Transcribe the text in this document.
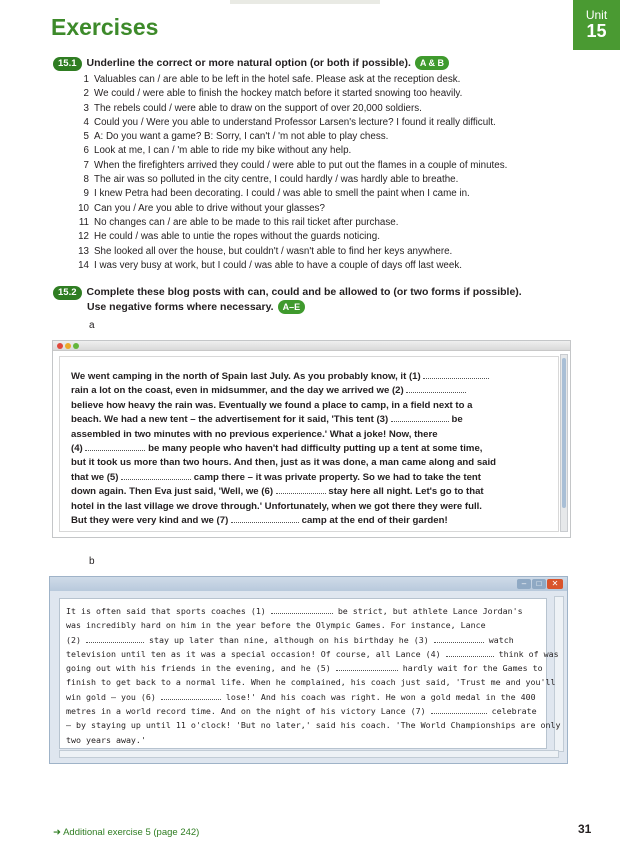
Exercises	Unit
15
15.1 Underline the correct or more natural option (or both if possible). A & B
1 Valuables can / are able to be left in the hotel safe. Please ask at the reception desk.
2 We could / were able to finish the hockey match before it started snowing too heavily.
3 The rebels could / were able to draw on the support of over 20,000 soldiers.
4 Could you / Were you able to understand Professor Larsen's lecture? I found it really difficult.
5 A: Do you want a game? B: Sorry, I can't / 'm not able to play chess.
6 Look at me, I can / 'm able to ride my bike without any help.
7 When the firefighters arrived they could / were able to put out the flames in a couple of minutes.
8 The air was so polluted in the city centre, I could hardly / was hardly able to breathe.
9 I knew Petra had been decorating. I could / was able to smell the paint when I came in.
10 Can you / Are you able to drive without your glasses?
11 No changes can / are able to be made to this rail ticket after purchase.
12 He could / was able to untie the ropes without the guards noticing.
13 She looked all over the house, but couldn't / wasn't able to find her keys anywhere.
14 I was very busy at work, but I could / was able to have a couple of days off last week.
15.2 Complete these blog posts with can, could and be allowed to (or two forms if possible).
Use negative forms where necessary. A–E
a

We went camping in the north of Spain last July. As you probably know, it (1)

rain a lot on the coast, even in midsummer, and the day we arrived we (2)

believe how heavy the rain was. Eventually we found a place to camp, in a field next to a

beach. We had a new tent – the advertisement for it said, 'This tent (3)	be

assembled in two minutes with no previous experience.' What a joke! Now, there

(4)	be many people who haven't had difficulty putting up a tent at some time,

but it took us more than two hours. And then, just as it was done, a man came along and said

that we (5)	camp there – it was private property. So we had to take the tent

down again. Then Eva just said, 'Well, we (6)	stay here all night. Let's go to that

hotel in the last village we drove through.' Unfortunately, when we got there they were full.

But they were very kind and we (7)	camp at the end of their garden!

b
–	□	✕

It is often said that sports coaches (1)	be strict, but athlete Lance Jordan's

was incredibly hard on him in the year before the Olympic Games. For instance, Lance

(2)	stay up later than nine, although on his birthday he (3)	watch

television until ten as it was a special occasion! Of course, all Lance (4)	think of was

going out with his friends in the evening, and he (5)	hardly wait for the Games to

finish to get back to a normal life. When he complained, his coach just said, 'Trust me and you'll

win gold – you (6)	lose!' And his coach was right. He won a gold medal in the 400

metres in a world record time. And on the night of his victory Lance (7)	celebrate

– by staying up until 11 o'clock! 'But no later,' said his coach. 'The World Championships are only

two years away.'

➜ Additional exercise 5 (page 242)	31
